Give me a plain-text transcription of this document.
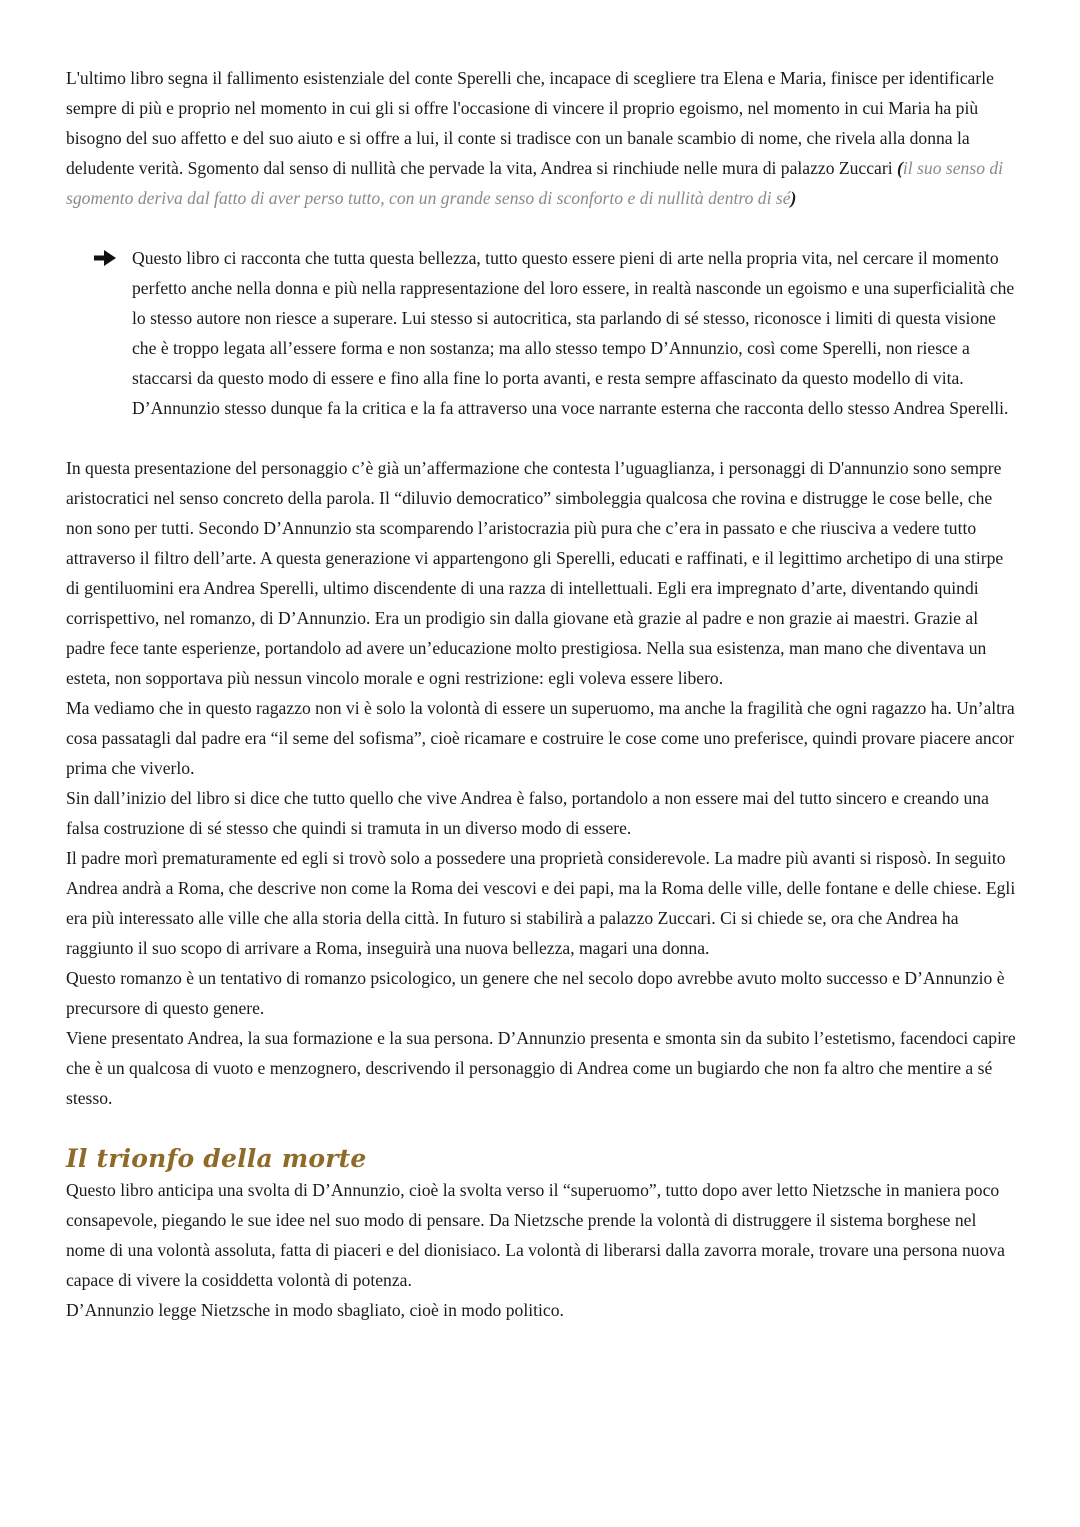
L'ultimo libro segna il fallimento esistenziale del conte Sperelli che, incapace di scegliere tra Elena e Maria, finisce per identificarle sempre di più e proprio nel momento in cui gli si offre l'occasione di vincere il proprio egoismo, nel momento in cui Maria ha più bisogno del suo affetto e del suo aiuto e si offre a lui, il conte si tradisce con un banale scambio di nome, che rivela alla donna la deludente verità. Sgomento dal senso di nullità che pervade la vita, Andrea si rinchiude nelle mura di palazzo Zuccari (il suo senso di sgomento deriva dal fatto di aver perso tutto, con un grande senso di sconforto e di nullità dentro di sé)

Questo libro ci racconta che tutta questa bellezza, tutto questo essere pieni di arte nella propria vita, nel cercare il momento perfetto anche nella donna e più nella rappresentazione del loro essere, in realtà nasconde un egoismo e una superficialità che lo stesso autore non riesce a superare. Lui stesso si autocritica, sta parlando di sé stesso, riconosce i limiti di questa visione che è troppo legata all’essere forma e non sostanza; ma allo stesso tempo D’Annunzio, così come Sperelli, non riesce a staccarsi da questo modo di essere e fino alla fine lo porta avanti, e resta sempre affascinato da questo modello di vita. D’Annunzio stesso dunque fa la critica e la fa attraverso una voce narrante esterna che racconta dello stesso Andrea Sperelli.

In questa presentazione del personaggio c’è già un’affermazione che contesta l’uguaglianza, i personaggi di D'annunzio sono sempre aristocratici nel senso concreto della parola. Il “diluvio democratico” simboleggia qualcosa che rovina e distrugge le cose belle, che non sono per tutti. Secondo D’Annunzio sta scomparendo l’aristocrazia più pura che c’era in passato e che riusciva a vedere tutto attraverso il filtro dell’arte. A questa generazione vi appartengono gli Sperelli, educati e raffinati, e il legittimo archetipo di una stirpe di gentiluomini era Andrea Sperelli, ultimo discendente di una razza di intellettuali. Egli era impregnato d’arte, diventando quindi corrispettivo, nel romanzo, di D’Annunzio. Era un prodigio sin dalla giovane età grazie al padre e non grazie ai maestri. Grazie al padre fece tante esperienze, portandolo ad avere un’educazione molto prestigiosa. Nella sua esistenza, man mano che diventava un esteta, non sopportava più nessun vincolo morale e ogni restrizione: egli voleva essere libero.

Ma vediamo che in questo ragazzo non vi è solo la volontà di essere un superuomo, ma anche la fragilità che ogni ragazzo ha. Un’altra cosa passatagli dal padre era “il seme del sofisma”, cioè ricamare e costruire le cose come uno preferisce, quindi provare piacere ancor prima che viverlo.

Sin dall’inizio del libro si dice che tutto quello che vive Andrea è falso, portandolo a non essere mai del tutto sincero e creando una falsa costruzione di sé stesso che quindi si tramuta in un diverso modo di essere.

Il padre morì prematuramente ed egli si trovò solo a possedere una proprietà considerevole. La madre più avanti si risposò. In seguito Andrea andrà a Roma, che descrive non come la Roma dei vescovi e dei papi, ma la Roma delle ville, delle fontane e delle chiese. Egli era più interessato alle ville che alla storia della città. In futuro si stabilirà a palazzo Zuccari. Ci si chiede se, ora che Andrea ha raggiunto il suo scopo di arrivare a Roma, inseguirà una nuova bellezza, magari una donna.

Questo romanzo è un tentativo di romanzo psicologico, un genere che nel secolo dopo avrebbe avuto molto successo e D’Annunzio è precursore di questo genere.

Viene presentato Andrea, la sua formazione e la sua persona. D’Annunzio presenta e smonta sin da subito l’estetismo, facendoci capire che è un qualcosa di vuoto e menzognero, descrivendo il personaggio di Andrea come un bugiardo che non fa altro che mentire a sé stesso.

Il trionfo della morte

Questo libro anticipa una svolta di D’Annunzio, cioè la svolta verso il “superuomo”, tutto dopo aver letto Nietzsche in maniera poco consapevole, piegando le sue idee nel suo modo di pensare. Da Nietzsche prende la volontà di distruggere il sistema borghese nel nome di una volontà assoluta, fatta di piaceri e del dionisiaco. La volontà di liberarsi dalla zavorra morale, trovare una persona nuova capace di vivere la cosiddetta volontà di potenza.

D’Annunzio legge Nietzsche in modo sbagliato, cioè in modo politico.
